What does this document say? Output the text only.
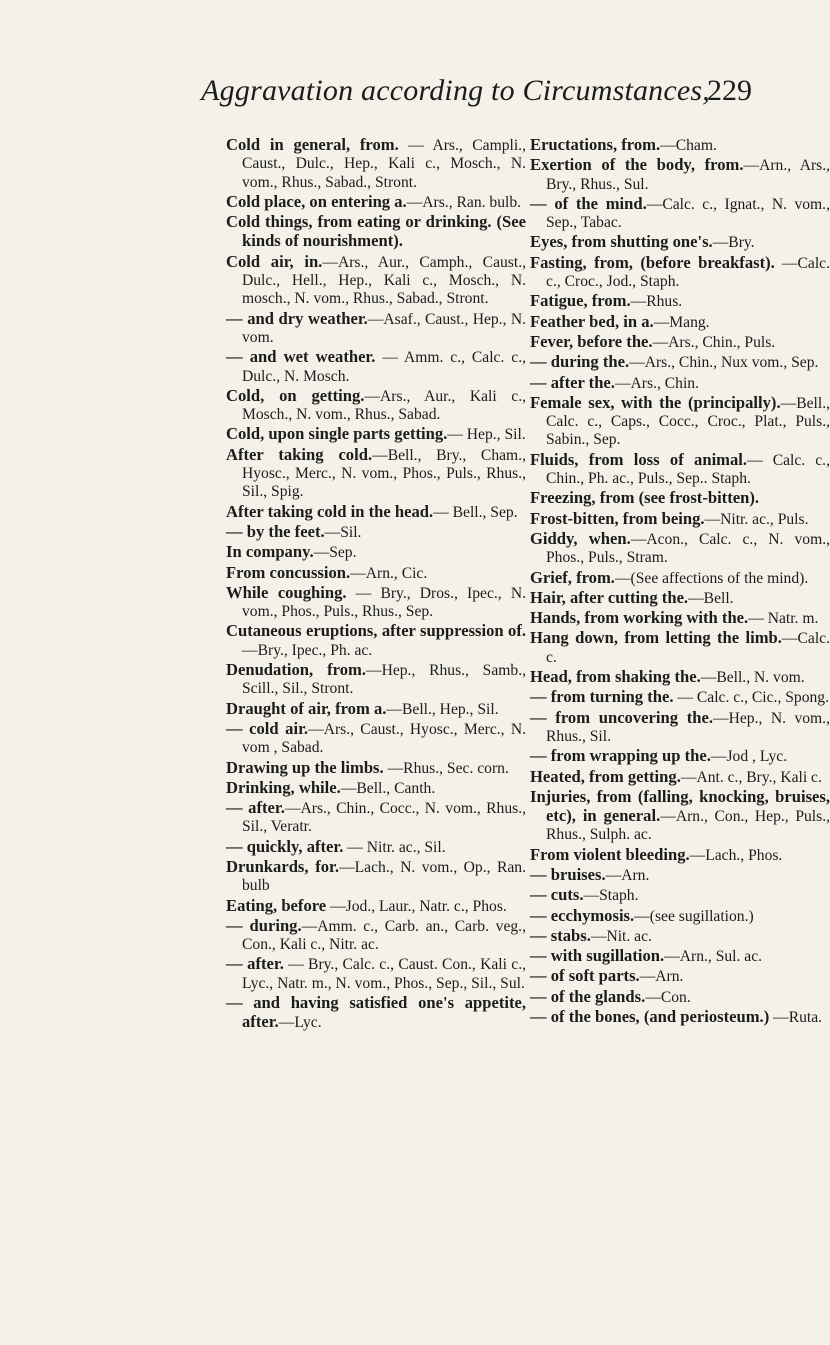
Aggravation according to Circumstances,
229

Cold in general, from. — Ars., Campli., Caust., Dulc., Hep., Kali c., Mosch., N. vom., Rhus., Sabad., Stront.

Cold place, on entering a.—Ars., Ran. bulb.

Cold things, from eating or drinking. (See kinds of nourishment).

Cold air, in.—Ars., Aur., Camph., Caust., Dulc., Hell., Hep., Kali c., Mosch., N. mosch., N. vom., Rhus., Sabad., Stront.

— and dry weather.—Asaf., Caust., Hep., N. vom.

— and wet weather. — Amm. c., Calc. c., Dulc., N. Mosch.

Cold, on getting.—Ars., Aur., Kali c., Mosch., N. vom., Rhus., Sabad.

Cold, upon single parts getting.— Hep., Sil.

After taking cold.—Bell., Bry., Cham., Hyosc., Merc., N. vom., Phos., Puls., Rhus., Sil., Spig.

After taking cold in the head.— Bell., Sep.

— by the feet.—Sil.

In company.—Sep.

From concussion.—Arn., Cic.

While coughing. — Bry., Dros., Ipec., N. vom., Phos., Puls., Rhus., Sep.

Cutaneous eruptions, after suppression of.—Bry., Ipec., Ph. ac.

Denudation, from.—Hep., Rhus., Samb., Scill., Sil., Stront.

Draught of air, from a.—Bell., Hep., Sil.

— cold air.—Ars., Caust., Hyosc., Merc., N. vom , Sabad.

Drawing up the limbs. —Rhus., Sec. corn.

Drinking, while.—Bell., Canth.

— after.—Ars., Chin., Cocc., N. vom., Rhus., Sil., Veratr.

— quickly, after. — Nitr. ac., Sil.

Drunkards, for.—Lach., N. vom., Op., Ran. bulb

Eating, before —Jod., Laur., Natr. c., Phos.

— during.—Amm. c., Carb. an., Carb. veg., Con., Kali c., Nitr. ac.

— after. — Bry., Calc. c., Caust. Con., Kali c., Lyc., Natr. m., N. vom., Phos., Sep., Sil., Sul.

— and having satisfied one's appetite, after.—Lyc.

Eructations, from.—Cham.

Exertion of the body, from.—Arn., Ars., Bry., Rhus., Sul.

— of the mind.—Calc. c., Ignat., N. vom., Sep., Tabac.

Eyes, from shutting one's.—Bry.

Fasting, from, (before breakfast). —Calc. c., Croc., Jod., Staph.

Fatigue, from.—Rhus.

Feather bed, in a.—Mang.

Fever, before the.—Ars., Chin., Puls.

— during the.—Ars., Chin., Nux vom., Sep.

— after the.—Ars., Chin.

Female sex, with the (principally).—Bell., Calc. c., Caps., Cocc., Croc., Plat., Puls., Sabin., Sep.

Fluids, from loss of animal.— Calc. c., Chin., Ph. ac., Puls., Sep.. Staph.

Freezing, from (see frost-bitten).

Frost-bitten, from being.—Nitr. ac., Puls.

Giddy, when.—Acon., Calc. c., N. vom., Phos., Puls., Stram.

Grief, from.—(See affections of the mind).

Hair, after cutting the.—Bell.

Hands, from working with the.— Natr. m.

Hang down, from letting the limb.—Calc. c.

Head, from shaking the.—Bell., N. vom.

— from turning the. — Calc. c., Cic., Spong.

— from uncovering the.—Hep., N. vom., Rhus., Sil.

— from wrapping up the.—Jod , Lyc.

Heated, from getting.—Ant. c., Bry., Kali c.

Injuries, from (falling, knocking, bruises, etc), in general.—Arn., Con., Hep., Puls., Rhus., Sulph. ac.

From violent bleeding.—Lach., Phos.

— bruises.—Arn.

— cuts.—Staph.

— ecchymosis.—(see sugillation.)

— stabs.—Nit. ac.

— with sugillation.—Arn., Sul. ac.

— of soft parts.—Arn.

— of the glands.—Con.

— of the bones, (and periosteum.) —Ruta.
